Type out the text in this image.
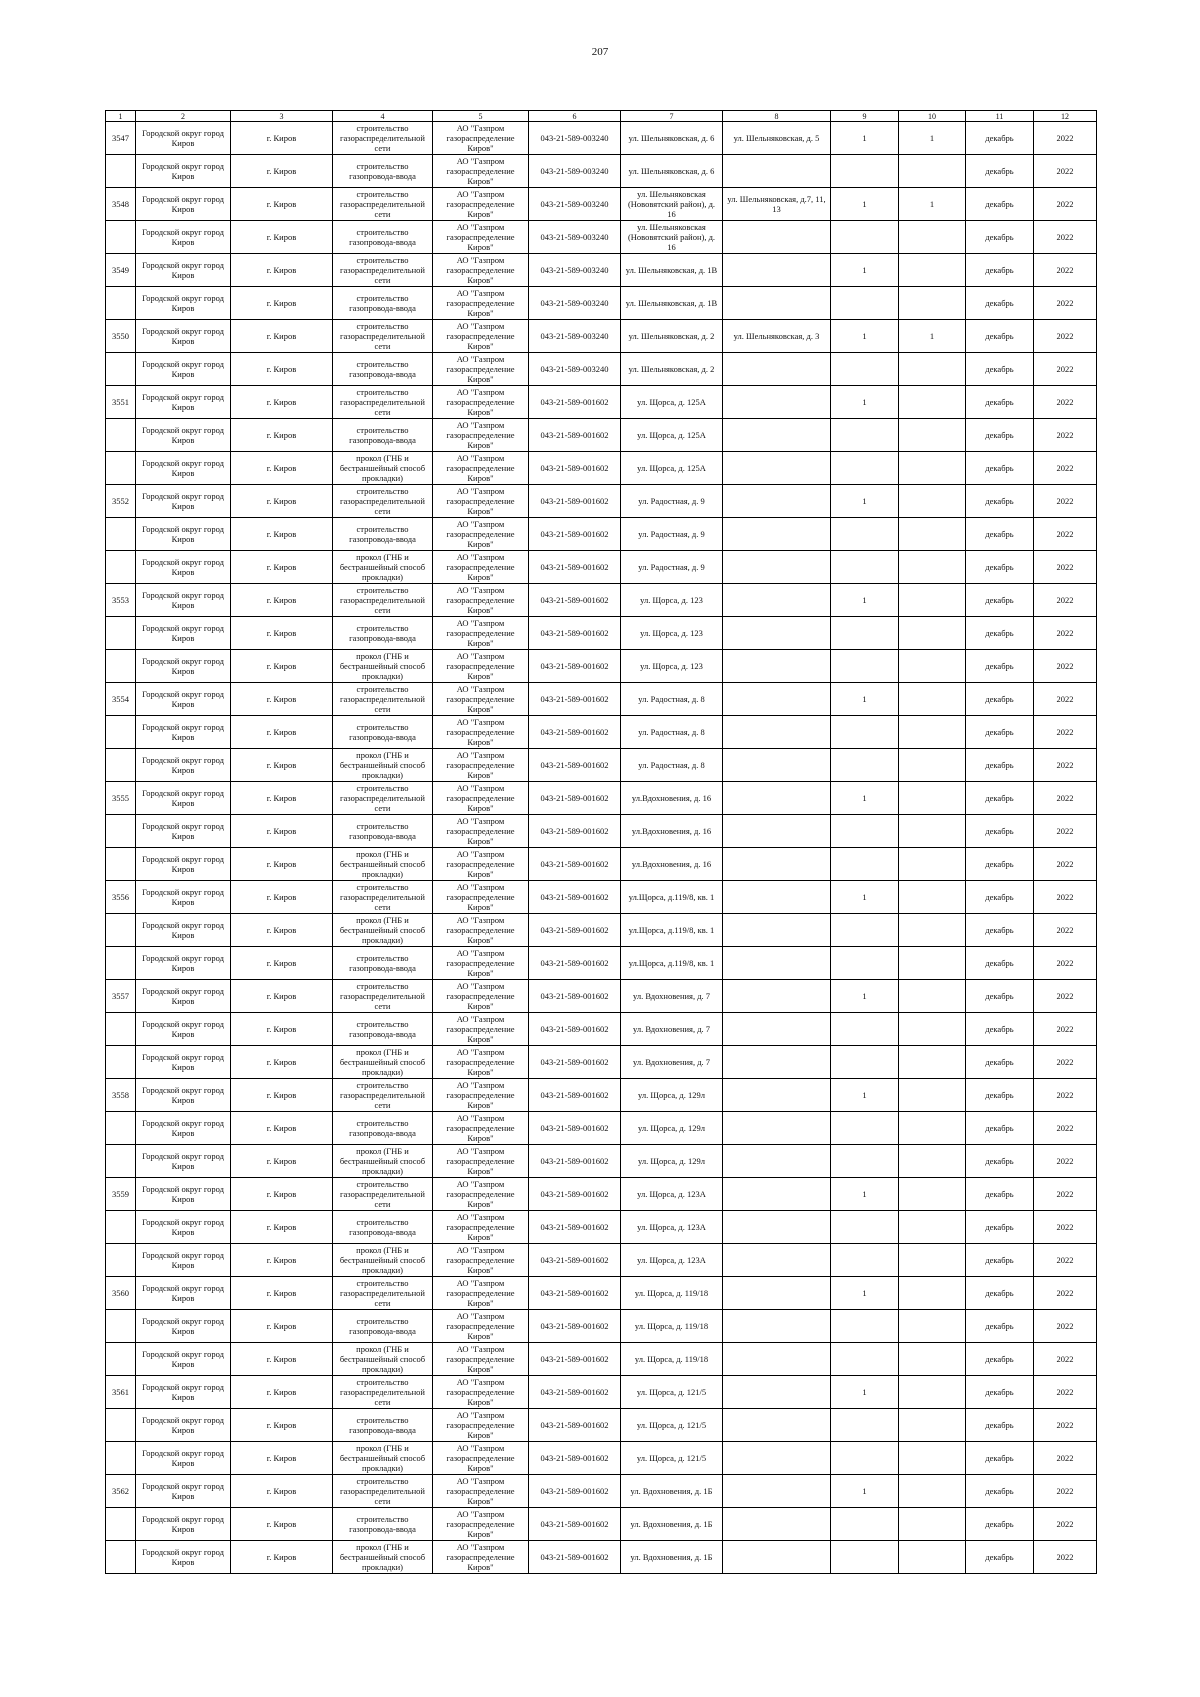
207
1	2	3	4	5	6	7	8	9	10	11	12
3547	Городской округ город Киров	г. Киров	строительство газораспределительной сети	АО "Газпром газораспределение Киров"	043-21-589-003240	ул. Шельняковская, д. 6	ул. Шельняковская, д. 5	1	1	декабрь	2022
	Городской округ город Киров	г. Киров	строительство газопровода-ввода	АО "Газпром газораспределение Киров"	043-21-589-003240	ул. Шельняковская, д. 6				декабрь	2022
3548	Городской округ город Киров	г. Киров	строительство газораспределительной сети	АО "Газпром газораспределение Киров"	043-21-589-003240	ул. Шельняковская (Нововятский район), д. 16	ул. Шельняковская, д.7, 11, 13	1	1	декабрь	2022
	Городской округ город Киров	г. Киров	строительство газопровода-ввода	АО "Газпром газораспределение Киров"	043-21-589-003240	ул. Шельняковская (Нововятский район), д. 16				декабрь	2022
3549	Городской округ город Киров	г. Киров	строительство газораспределительной сети	АО "Газпром газораспределение Киров"	043-21-589-003240	ул. Шельняковская, д. 1В		1		декабрь	2022
	Городской округ город Киров	г. Киров	строительство газопровода-ввода	АО "Газпром газораспределение Киров"	043-21-589-003240	ул. Шельняковская, д. 1В				декабрь	2022
3550	Городской округ город Киров	г. Киров	строительство газораспределительной сети	АО "Газпром газораспределение Киров"	043-21-589-003240	ул. Шельняковская, д. 2	ул. Шельняковская, д. 3	1	1	декабрь	2022
	Городской округ город Киров	г. Киров	строительство газопровода-ввода	АО "Газпром газораспределение Киров"	043-21-589-003240	ул. Шельняковская, д. 2				декабрь	2022
3551	Городской округ город Киров	г. Киров	строительство газораспределительной сети	АО "Газпром газораспределение Киров"	043-21-589-001602	ул. Щорса, д. 125А		1		декабрь	2022
	Городской округ город Киров	г. Киров	строительство газопровода-ввода	АО "Газпром газораспределение Киров"	043-21-589-001602	ул. Щорса, д. 125А				декабрь	2022
	Городской округ город Киров	г. Киров	прокол (ГНБ и бестраншейный способ прокладки)	АО "Газпром газораспределение Киров"	043-21-589-001602	ул. Щорса, д. 125А				декабрь	2022
3552	Городской округ город Киров	г. Киров	строительство газораспределительной сети	АО "Газпром газораспределение Киров"	043-21-589-001602	ул. Радостная, д. 9		1		декабрь	2022
	Городской округ город Киров	г. Киров	строительство газопровода-ввода	АО "Газпром газораспределение Киров"	043-21-589-001602	ул. Радостная, д. 9				декабрь	2022
	Городской округ город Киров	г. Киров	прокол (ГНБ и бестраншейный способ прокладки)	АО "Газпром газораспределение Киров"	043-21-589-001602	ул. Радостная, д. 9				декабрь	2022
3553	Городской округ город Киров	г. Киров	строительство газораспределительной сети	АО "Газпром газораспределение Киров"	043-21-589-001602	ул. Щорса, д. 123		1		декабрь	2022
	Городской округ город Киров	г. Киров	строительство газопровода-ввода	АО "Газпром газораспределение Киров"	043-21-589-001602	ул. Щорса, д. 123				декабрь	2022
	Городской округ город Киров	г. Киров	прокол (ГНБ и бестраншейный способ прокладки)	АО "Газпром газораспределение Киров"	043-21-589-001602	ул. Щорса, д. 123				декабрь	2022
3554	Городской округ город Киров	г. Киров	строительство газораспределительной сети	АО "Газпром газораспределение Киров"	043-21-589-001602	ул. Радостная, д. 8		1		декабрь	2022
	Городской округ город Киров	г. Киров	строительство газопровода-ввода	АО "Газпром газораспределение Киров"	043-21-589-001602	ул. Радостная, д. 8				декабрь	2022
	Городской округ город Киров	г. Киров	прокол (ГНБ и бестраншейный способ прокладки)	АО "Газпром газораспределение Киров"	043-21-589-001602	ул. Радостная, д. 8				декабрь	2022
3555	Городской округ город Киров	г. Киров	строительство газораспределительной сети	АО "Газпром газораспределение Киров"	043-21-589-001602	ул.Вдохновения, д. 16		1		декабрь	2022
	Городской округ город Киров	г. Киров	строительство газопровода-ввода	АО "Газпром газораспределение Киров"	043-21-589-001602	ул.Вдохновения, д. 16				декабрь	2022
	Городской округ город Киров	г. Киров	прокол (ГНБ и бестраншейный способ прокладки)	АО "Газпром газораспределение Киров"	043-21-589-001602	ул.Вдохновения, д. 16				декабрь	2022
3556	Городской округ город Киров	г. Киров	строительство газораспределительной сети	АО "Газпром газораспределение Киров"	043-21-589-001602	ул.Щорса, д.119/8, кв. 1		1		декабрь	2022
	Городской округ город Киров	г. Киров	прокол (ГНБ и бестраншейный способ прокладки)	АО "Газпром газораспределение Киров"	043-21-589-001602	ул.Щорса, д.119/8, кв. 1				декабрь	2022
	Городской округ город Киров	г. Киров	строительство газопровода-ввода	АО "Газпром газораспределение Киров"	043-21-589-001602	ул.Щорса, д.119/8, кв. 1				декабрь	2022
3557	Городской округ город Киров	г. Киров	строительство газораспределительной сети	АО "Газпром газораспределение Киров"	043-21-589-001602	ул. Вдохновения, д. 7		1		декабрь	2022
	Городской округ город Киров	г. Киров	строительство газопровода-ввода	АО "Газпром газораспределение Киров"	043-21-589-001602	ул. Вдохновения, д. 7				декабрь	2022
	Городской округ город Киров	г. Киров	прокол (ГНБ и бестраншейный способ прокладки)	АО "Газпром газораспределение Киров"	043-21-589-001602	ул. Вдохновения, д. 7				декабрь	2022
3558	Городской округ город Киров	г. Киров	строительство газораспределительной сети	АО "Газпром газораспределение Киров"	043-21-589-001602	ул. Щорса, д. 129л		1		декабрь	2022
	Городской округ город Киров	г. Киров	строительство газопровода-ввода	АО "Газпром газораспределение Киров"	043-21-589-001602	ул. Щорса, д. 129л				декабрь	2022
	Городской округ город Киров	г. Киров	прокол (ГНБ и бестраншейный способ прокладки)	АО "Газпром газораспределение Киров"	043-21-589-001602	ул. Щорса, д. 129л				декабрь	2022
3559	Городской округ город Киров	г. Киров	строительство газораспределительной сети	АО "Газпром газораспределение Киров"	043-21-589-001602	ул. Щорса, д. 123А		1		декабрь	2022
	Городской округ город Киров	г. Киров	строительство газопровода-ввода	АО "Газпром газораспределение Киров"	043-21-589-001602	ул. Щорса, д. 123А				декабрь	2022
	Городской округ город Киров	г. Киров	прокол (ГНБ и бестраншейный способ прокладки)	АО "Газпром газораспределение Киров"	043-21-589-001602	ул. Щорса, д. 123А				декабрь	2022
3560	Городской округ город Киров	г. Киров	строительство газораспределительной сети	АО "Газпром газораспределение Киров"	043-21-589-001602	ул. Щорса, д. 119/18		1		декабрь	2022
	Городской округ город Киров	г. Киров	строительство газопровода-ввода	АО "Газпром газораспределение Киров"	043-21-589-001602	ул. Щорса, д. 119/18				декабрь	2022
	Городской округ город Киров	г. Киров	прокол (ГНБ и бестраншейный способ прокладки)	АО "Газпром газораспределение Киров"	043-21-589-001602	ул. Щорса, д. 119/18				декабрь	2022
3561	Городской округ город Киров	г. Киров	строительство газораспределительной сети	АО "Газпром газораспределение Киров"	043-21-589-001602	ул. Щорса, д. 121/5		1		декабрь	2022
	Городской округ город Киров	г. Киров	строительство газопровода-ввода	АО "Газпром газораспределение Киров"	043-21-589-001602	ул. Щорса, д. 121/5				декабрь	2022
	Городской округ город Киров	г. Киров	прокол (ГНБ и бестраншейный способ прокладки)	АО "Газпром газораспределение Киров"	043-21-589-001602	ул. Щорса, д. 121/5				декабрь	2022
3562	Городской округ город Киров	г. Киров	строительство газораспределительной сети	АО "Газпром газораспределение Киров"	043-21-589-001602	ул. Вдохновения, д. 1Б		1		декабрь	2022
	Городской округ город Киров	г. Киров	строительство газопровода-ввода	АО "Газпром газораспределение Киров"	043-21-589-001602	ул. Вдохновения, д. 1Б				декабрь	2022
	Городской округ город Киров	г. Киров	прокол (ГНБ и бестраншейный способ прокладки)	АО "Газпром газораспределение Киров"	043-21-589-001602	ул. Вдохновения, д. 1Б				декабрь	2022
